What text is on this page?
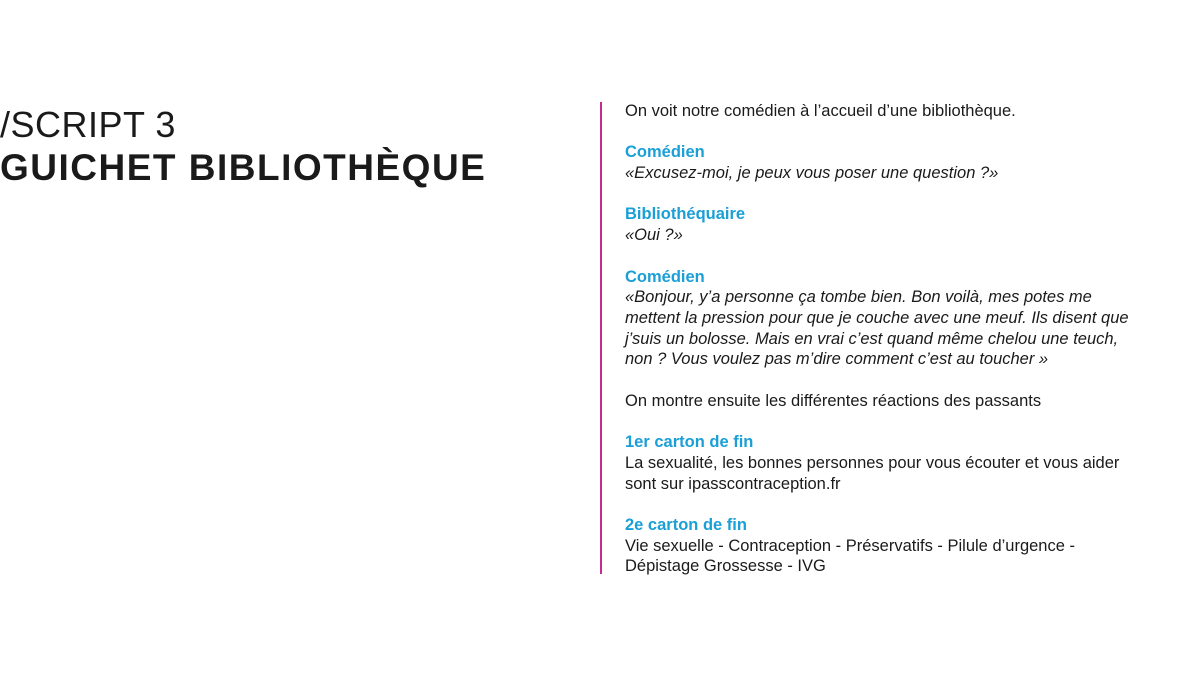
/SCRIPT 3
GUICHET BIBLIOTHÈQUE
On voit notre comédien à l’accueil d’une bibliothèque.
Comédien
«Excusez-moi, je peux vous poser une question ?»
Bibliothéquaire
«Oui ?»
Comédien
«Bonjour, y’a personne ça tombe bien. Bon voilà, mes potes me
mettent la pression pour que je couche avec une meuf. Ils disent que
j’suis un bolosse. Mais en vrai c’est quand même chelou une teuch,
non ? Vous voulez pas m’dire comment c’est au toucher »
On montre ensuite les différentes réactions des passants
1er carton de fin
La sexualité, les bonnes personnes pour vous écouter et vous aider
sont sur ipasscontraception.fr
2e carton de fin
Vie sexuelle - Contraception - Préservatifs - Pilule d’urgence -
Dépistage Grossesse - IVG
